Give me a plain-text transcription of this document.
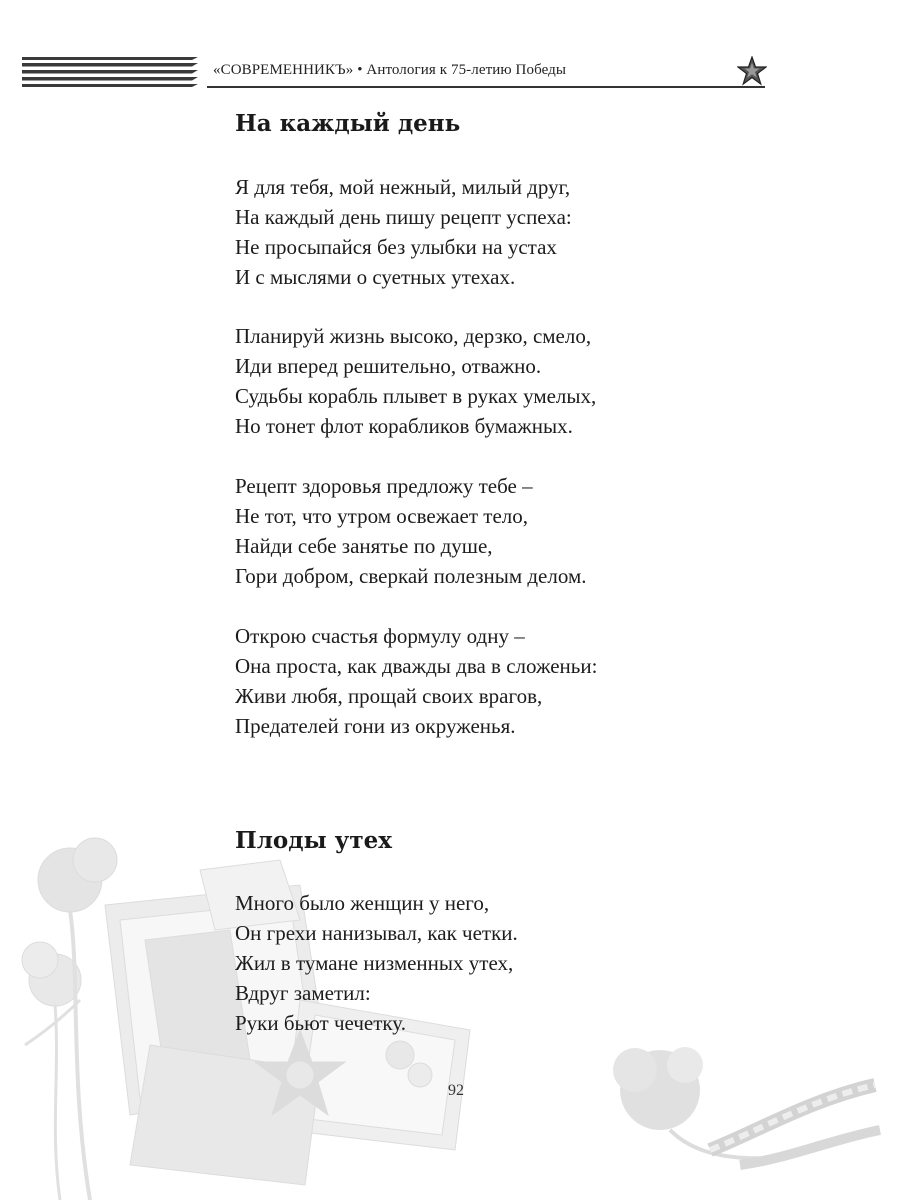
«СОВРЕМЕННИКЪ» • Антология к 75-летию Победы
На каждый день
Я для тебя, мой нежный, милый друг,
На каждый день пишу рецепт успеха:
Не просыпайся без улыбки на устах
И с мыслями о суетных утехах.
Планируй жизнь высоко, дерзко, смело,
Иди вперед решительно, отважно.
Судьбы корабль плывет в руках умелых,
Но тонет флот корабликов бумажных.
Рецепт здоровья предложу тебе –
Не тот, что утром освежает тело,
Найди себе занятье по душе,
Гори добром, сверкай полезным делом.
Открою счастья формулу одну –
Она проста, как дважды два в сложеньи:
Живи любя, прощай своих врагов,
Предателей гони из окруженья.
Плоды утех
Много было женщин у него,
Он грехи нанизывал, как четки.
Жил в тумане низменных утех,
Вдруг заметил:
Руки бьют чечетку.
92
